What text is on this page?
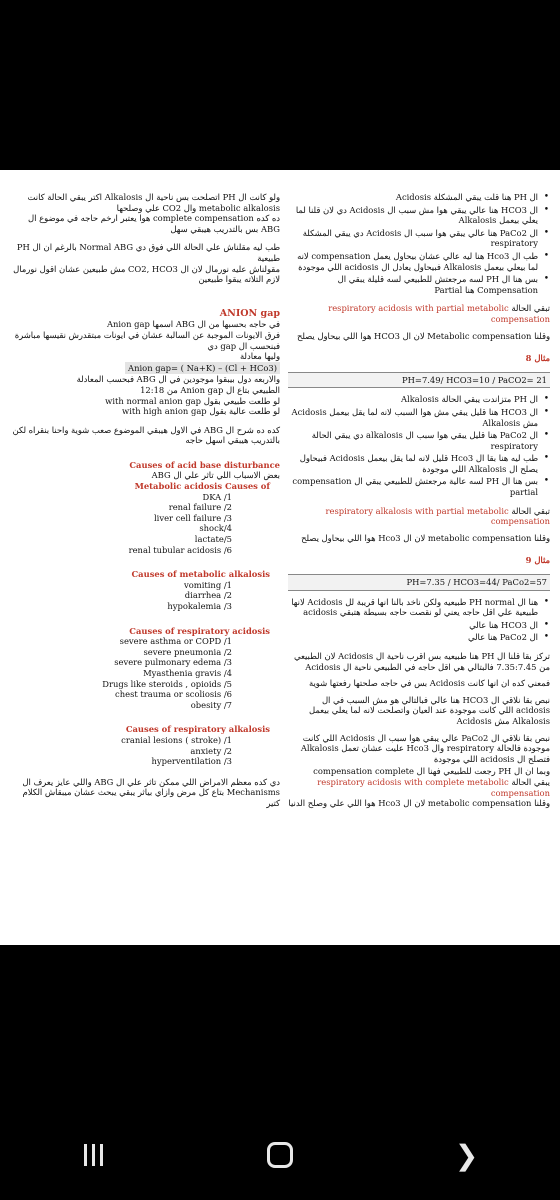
• ال PH هنا قلت يبقي المشكلة Acidosis

• ال HCO3 هنا عالي يبقي هوا مش سبب ال Acidosis دي لان قلنا لما يعلي بيعمل Alkalosis

• ال PaCo2 هنا عالي يبقي هوا سبب ال Acidosis دي يبقي المشكلة respiratory

• طب ال Hco3 هنا ليه عالي عشان بيحاول يعمل compensation لانه لما بيعلي بيعمل Alkalosis فبيحاول يعادل ال acidosis اللي موجودة

• بس هنا ال PH لسه مرجعتش للطبيعي لسه قليلة يبقي ال Compensation هنا Partial

تبقي الحالة respiratory acidosis with partial metabolic compensation

وقلنا Metabolic compensation لان ال HCO3 هوا اللي بيحاول يصلح

مثال 8

PH=7.49/ HCO3=10 / PaCO2= 21

• ال PH متزاندت يبقي الحالة Alkalosis

• ال HCO3 هنا قليل يبقي مش هوا السبب لانه لما يقل بيعمل Acidosis مش Alkalosis

• ال PaCo2 هنا قليل يبقي هوا سبب ال alkalosis دي يبقي الحالة respiratory

• طب ليه هنا بقا ال Hco3 قليل لانه لما يقل بيعمل Acidosis فبيحاول يصلح ال Alkalosis اللي موجودة

• بس هنا ال PH لسه عالية مرجعتش للطبيعي يبقي ال compensation partial

تبقي الحالة respiratory alkalosis with partial metabolic compensation

وقلنا metabolic compensation لان ال Hco3 هوا اللي بيحاول يصلح

مثال 9

PH=7.35 / HCO3=44/ PaCo2=57

• هنا ال PH normal طبيعيه ولكن ناخد بالنا انها قريبة لل Acidosis لانها طبيعية علي اقل حاجه يعني لو نقصت حاجه بسيطة هتبقي acidosis

• ال HCO3 هنا عالي

• ال PaCo2 هنا عالي

تركز بقا قلنا ال PH هنا طبيعيه بس اقرب ناحية ال Acidosis لان الطبيعي من 7.35:7.45 فالبتالي هي اقل حاجه في الطبيعي ناحية ال Acidosis

فمعني كده ان انها كانت Acidosis بس في حاجه صلحتها رفعتها شوية

نبص بقا نلاقي ال HCO3 هنا عالي فبالتالي هو مش السبب في ال acidosis اللي كانت موجودة عند العيان واتصلحت لانه لما يعلي بيعمل Alkalosis مش Acidosis

نبص بقا نلاقي ال PaCo2 عالي يبقي هوا سبب ال Acidosis اللي كانت موجودة فالحالة respiratory وال Hco3 علیت عشان تعمل Alkalosis فتصلح ال acidosis اللي موجودة

وبما ان ال PH رجعت للطبيعي فهنا ال compensation complete

يبقي الحالة respiratory acidosis with complete metabolic compensation

وقلنا metabolic compensation لان ال Hco3 هوا اللي علي وصلح الدنيا

ولو كانت ال PH اتصلحت بس ناحية ال Alkalosis اكتر يبقي الحالة كانت metabolic alkalosis وال CO2 علي وصلحها

ده كده complete compensation هوا يعتبر ارخم حاجه في موضوع ال ABG بس بالتدريب هيبقي سهل

طب ليه مقلناش علي الحالة اللي فوق دي Normal ABG بالرغم ان ال PH طبيعية

مقولناش عليه نورمال لان ال CO2, HCO3 مش طبيعين عشان اقول نورمال لازم التلاته يبقوا طبيعين

ANION gap

في حاجه بحسبها من ال ABG اسمها Anion gap

فرق الايونات الموجبة عن السالبة عشان في ايونات مبتقدرش نقيسها مباشرة فبنحسب ال gap دي

وليها معادلة

Anion gap= ( Na+K) – (Cl + HCo3)

والاربعه دول بيبقوا موجودين في ال ABG فبحسب المعادلة

الطبيعي بتاع ال Anion gap من 12:18

لو طلعت طبيعي بقول with normal anion gap

لو طلعت عالية بقول with high anion gap

كده ده شرح ال ABG في الاول هيبقي الموضوع صعب شوية واحنا بنقراه لكن بالتدريب هيبقي اسهل حاجه

Causes of acid base disturbance

بعض الاسباب اللي تاثر علي ال ABG

Metabolic acidosis Causes of

DKA /1

renal failure /2

liver cell failure /3

shock/4

lactate/5

renal tubular acidosis /6

Causes of metabolic alkalosis

vomiting /1

diarrhea /2

hypokalemia /3

Causes of respiratory acidosis

severe asthma or COPD /1

severe pneumonia /2

severe pulmonary edema /3

Myasthenia gravis /4

Drugs like steroids , opioids /5

chest trauma or scoliosis /6

obesity /7

Causes of respiratory alkalosis

cranial lesions ( stroke) /1

anxiety /2

hyperventilation /3

دي كده معظم الامراض اللي ممكن تاثر علي ال ABG واللي عايز يعرف ال Mechanisms بتاع كل مرض وازاي بياثر يبقي يبحث عشان ميبقاش الكلام كتير

❯
